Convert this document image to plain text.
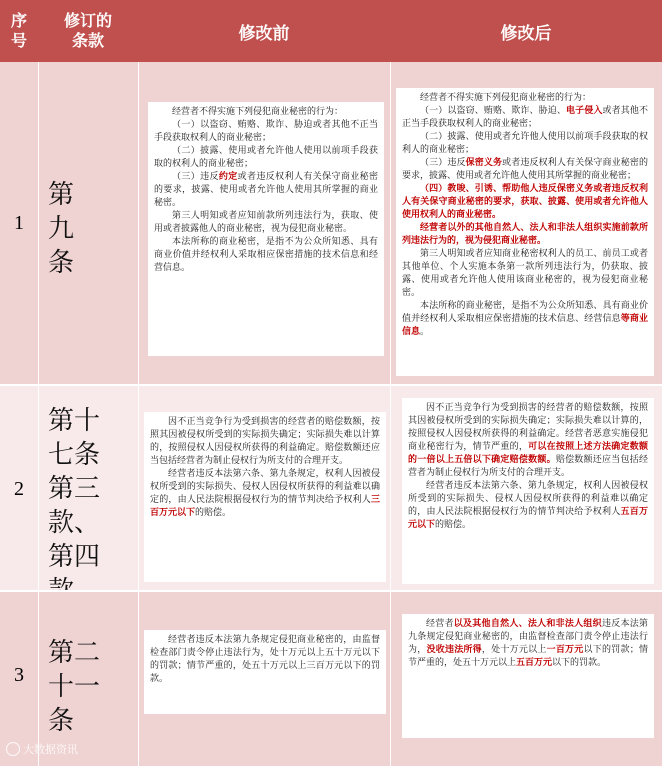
序
号
修订的
条款	修改前	修改后
1
第
九
条

经营者不得实施下列侵犯商业秘密的行为：

（一）以盗窃、贿赂、欺诈、胁迫或者其他不正当手段获取权利人的商业秘密；

（二）披露、使用或者允许他人使用以前项手段获取的权利人的商业秘密；

（三）违反约定或者违反权利人有关保守商业秘密的要求，披露、使用或者允许他人使用其所掌握的商业秘密。

第三人明知或者应知前款所列违法行为，获取、使用或者披露他人的商业秘密，视为侵犯商业秘密。

本法所称的商业秘密，是指不为公众所知悉、具有商业价值并经权利人采取相应保密措施的技术信息和经营信息。

经营者不得实施下列侵犯商业秘密的行为：

（一）以盗窃、贿赂、欺诈、胁迫、电子侵入或者其他不正当手段获取权利人的商业秘密；

（二）披露、使用或者允许他人使用以前项手段获取的权利人的商业秘密；

（三）违反保密义务或者违反权利人有关保守商业秘密的要求，披露、使用或者允许他人使用其所掌握的商业秘密；

（四）教唆、引诱、帮助他人违反保密义务或者违反权利人有关保守商业秘密的要求，获取、披露、使用或者允许他人使用权利人的商业秘密。

经营者以外的其他自然人、法人和非法人组织实施前款所列违法行为的，视为侵犯商业秘密。

第三人明知或者应知商业秘密权利人的员工、前员工或者其他单位、个人实施本条第一款所列违法行为，仍获取、披露、使用或者允许他人使用该商业秘密的，视为侵犯商业秘密。

本法所称的商业秘密，是指不为公众所知悉、具有商业价值并经权利人采取相应保密措施的技术信息、经营信息等商业信息。

2
第十
七条
第三
款、
第四

因不正当竞争行为受到损害的经营者的赔偿数额，按照其因被侵权所受到的实际损失确定；实际损失难以计算的，按照侵权人因侵权所获得的利益确定。赔偿数额还应当包括经营者为制止侵权行为所支付的合理开支。

经营者违反本法第六条、第九条规定，权利人因被侵权所受到的实际损失、侵权人因侵权所获得的利益难以确定的，由人民法院根据侵权行为的情节判决给予权利人三百万元以下的赔偿。

因不正当竞争行为受到损害的经营者的赔偿数额，按照其因被侵权所受到的实际损失确定；实际损失难以计算的，按照侵权人因侵权所获得的利益确定。经营者恶意实施侵犯商业秘密行为，情节严重的，可以在按照上述方法确定数额的一倍以上五倍以下确定赔偿数额。赔偿数额还应当包括经营者为制止侵权行为所支付的合理开支。

经营者违反本法第六条、第九条规定，权利人因被侵权所受到的实际损失、侵权人因侵权所获得的利益难以确定的，由人民法院根据侵权行为的情节判决给予权利人五百万元以下的赔偿。

3
第二
十一
条

经营者违反本法第九条规定侵犯商业秘密的，由监督检查部门责令停止违法行为，处十万元以上五十万元以下的罚款；情节严重的，处五十万元以上三百万元以下的罚款。

经营者以及其他自然人、法人和非法人组织违反本法第九条规定侵犯商业秘密的，由监督检查部门责令停止违法行为，没收违法所得，处十万元以上一百万元以下的罚款；情节严重的，处五十万元以上五百万元以下的罚款。

大数据资讯
